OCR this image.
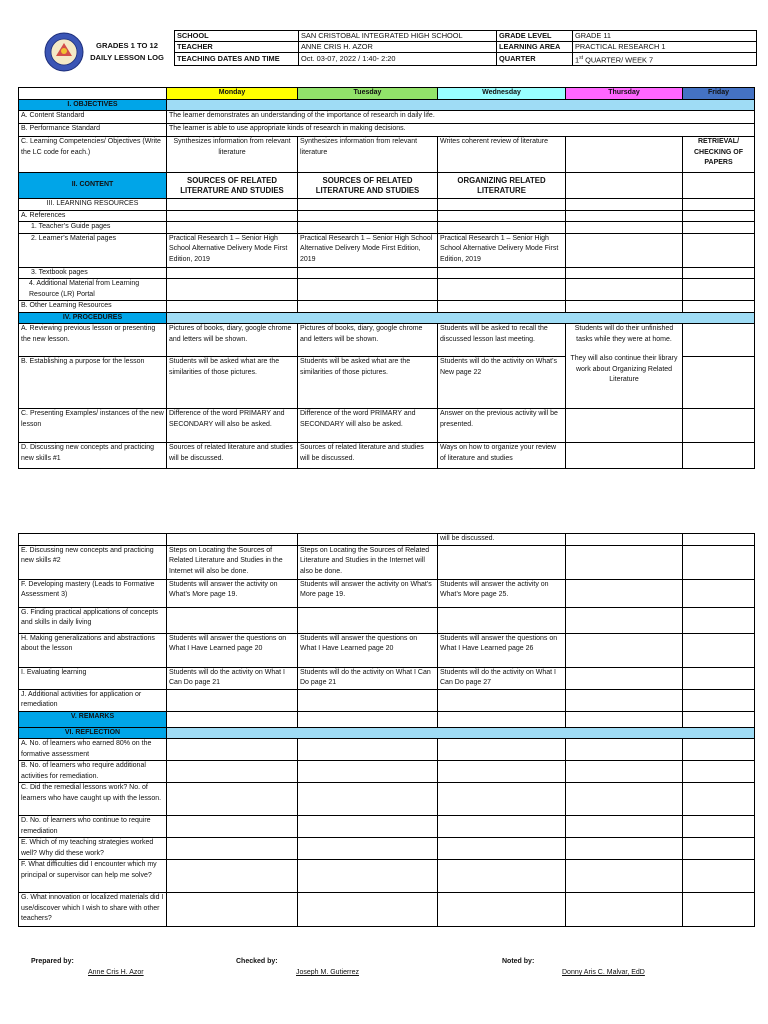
GRADES 1 TO 12
DAILY LESSON LOG
SCHOOL	SAN CRISTOBAL INTEGRATED HIGH SCHOOL	GRADE LEVEL	GRADE 11
TEACHER	ANNE CRIS H. AZOR	LEARNING AREA	PRACTICAL RESEARCH 1
TEACHING DATES AND TIME	Oct. 03-07, 2022 / 1:40- 2:20	QUARTER	1st QUARTER/ WEEK 7
	Monday	Tuesday	Wednesday	Thursday	Friday
I. OBJECTIVES					
A. Content Standard	The learner demonstrates an understanding of the importance of research in daily life.				
B. Performance Standard	The learner is able to use appropriate kinds of research in making decisions.				
C. Learning Competencies/ Objectives (Write the LC code for each.)	Synthesizes information from relevant literature	Synthesizes information from relevant literature	Writes coherent review of literature		RETRIEVAL/ CHECKING OF PAPERS
II. CONTENT	SOURCES OF RELATED LITERATURE AND STUDIES	SOURCES OF RELATED LITERATURE AND STUDIES	ORGANIZING RELATED LITERATURE		
III. LEARNING RESOURCES					
A. References					
1. Teacher’s Guide pages					
2. Learner’s Material pages	Practical Research 1 – Senior High School Alternative Delivery Mode First Edition, 2019	Practical Research 1 – Senior High School Alternative Delivery Mode First Edition, 2019	Practical Research 1 – Senior High School Alternative Delivery Mode First Edition, 2019		
3. Textbook pages					
4. Additional Material from Learning Resource (LR) Portal					
B. Other Learning Resources					
IV. PROCEDURES					
A. Reviewing previous lesson or presenting the new lesson.	Pictures of books, diary, google chrome and letters will be shown.	Pictures of books, diary, google chrome and letters will be shown.	Students will be asked to recall the discussed lesson last meeting.	Students will do their unfinished tasks while they were at home.
They will also continue their library work about Organizing Related Literature	

B. Establishing a purpose for the lesson	Students will be asked what are the similarities of those pictures.	Students will be asked what are the similarities of those pictures.	Students will do the activity on What’s New page 22		
C. Presenting Examples/ instances of the new lesson	Difference of the word PRIMARY and SECONDARY will also be asked.	Difference of the word PRIMARY and SECONDARY will also be asked.	Answer on the previous activity will be presented.		
D. Discussing new concepts and practicing new skills #1	Sources of related literature and studies will be discussed.	Sources of related literature and studies will be discussed.	Ways on how to organize your review of literature and studies		
			will be discussed.		
E. Discussing new concepts and practicing new skills #2	Steps on Locating the Sources of Related Literature and Studies in the Internet will also be done.	Steps on Locating the Sources of Related Literature and Studies in the Internet will also be done.			
F. Developing mastery (Leads to Formative Assessment 3)	Students will answer the activity on What’s More page 19.	Students will answer the activity on What’s More page 19.	Students will answer the activity on What’s More page 25.		
G. Finding practical applications of concepts and skills in daily living					
H. Making generalizations and abstractions about the lesson	Students will answer the questions on What I Have Learned page 20	Students will answer the questions on What I Have Learned page 20	Students will answer the questions on What I Have Learned page 26		
I. Evaluating learning	Students will do the activity on What I Can Do page 21	Students will do the activity on What I Can Do page 21	Students will do the activity on What I Can Do page 27		
J. Additional activities for application or remediation					
V. REMARKS					
VI. REFLECTION					
A. No. of learners who earned 80% on the formative assessment					
B. No. of learners who require additional activities for remediation.					
C. Did the remedial lessons work? No. of learners who have caught up with the lesson.					
D. No. of learners who continue to require remediation					
E. Which of my teaching strategies worked well? Why did these work?					
F. What difficulties did I encounter which my principal or supervisor can help me solve?					
G. What innovation or localized materials did I use/discover which I wish to share with other teachers?					
Prepared by:
Anne Cris H. Azor
Checked by:
Joseph M. Gutierrez
Noted by:
Donny Aris C. Malvar, EdD
